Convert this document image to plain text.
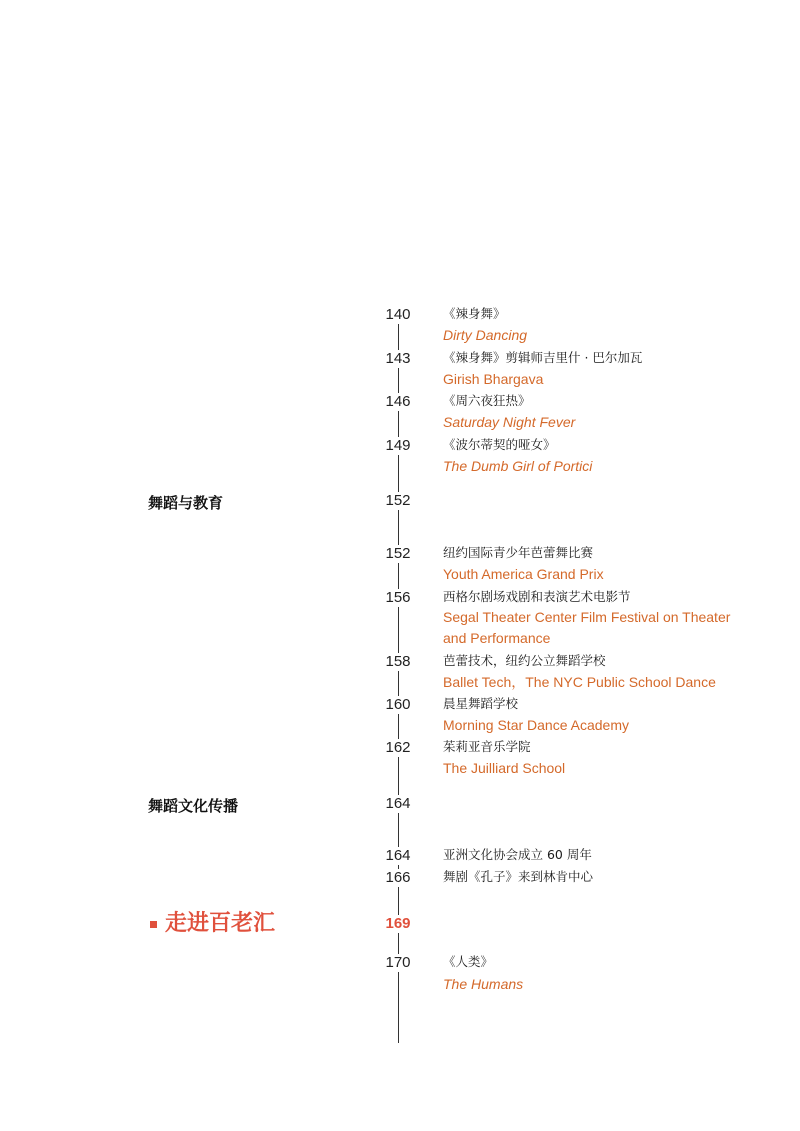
舞蹈与教育
舞蹈文化传播
走进百老汇
140
143
146
149
152
152
156
158
160
162
164
164
166
169
170
《辣身舞》
Dirty Dancing
《辣身舞》剪辑师吉里什 · 巴尔加瓦
Girish Bhargava
《周六夜狂热》
Saturday Night Fever
《波尔蒂契的哑女》
The Dumb Girl of Portici
纽约国际青少年芭蕾舞比赛
Youth America Grand Prix
西格尔剧场戏剧和表演艺术电影节
Segal Theater Center Film Festival on Theater and Performance
芭蕾技术，纽约公立舞蹈学校
Ballet Tech，The NYC Public School Dance
晨星舞蹈学校
Morning Star Dance Academy
茱莉亚音乐学院
The Juilliard School
亚洲文化协会成立 60 周年
舞剧《孔子》来到林肯中心
《人类》
The Humans
